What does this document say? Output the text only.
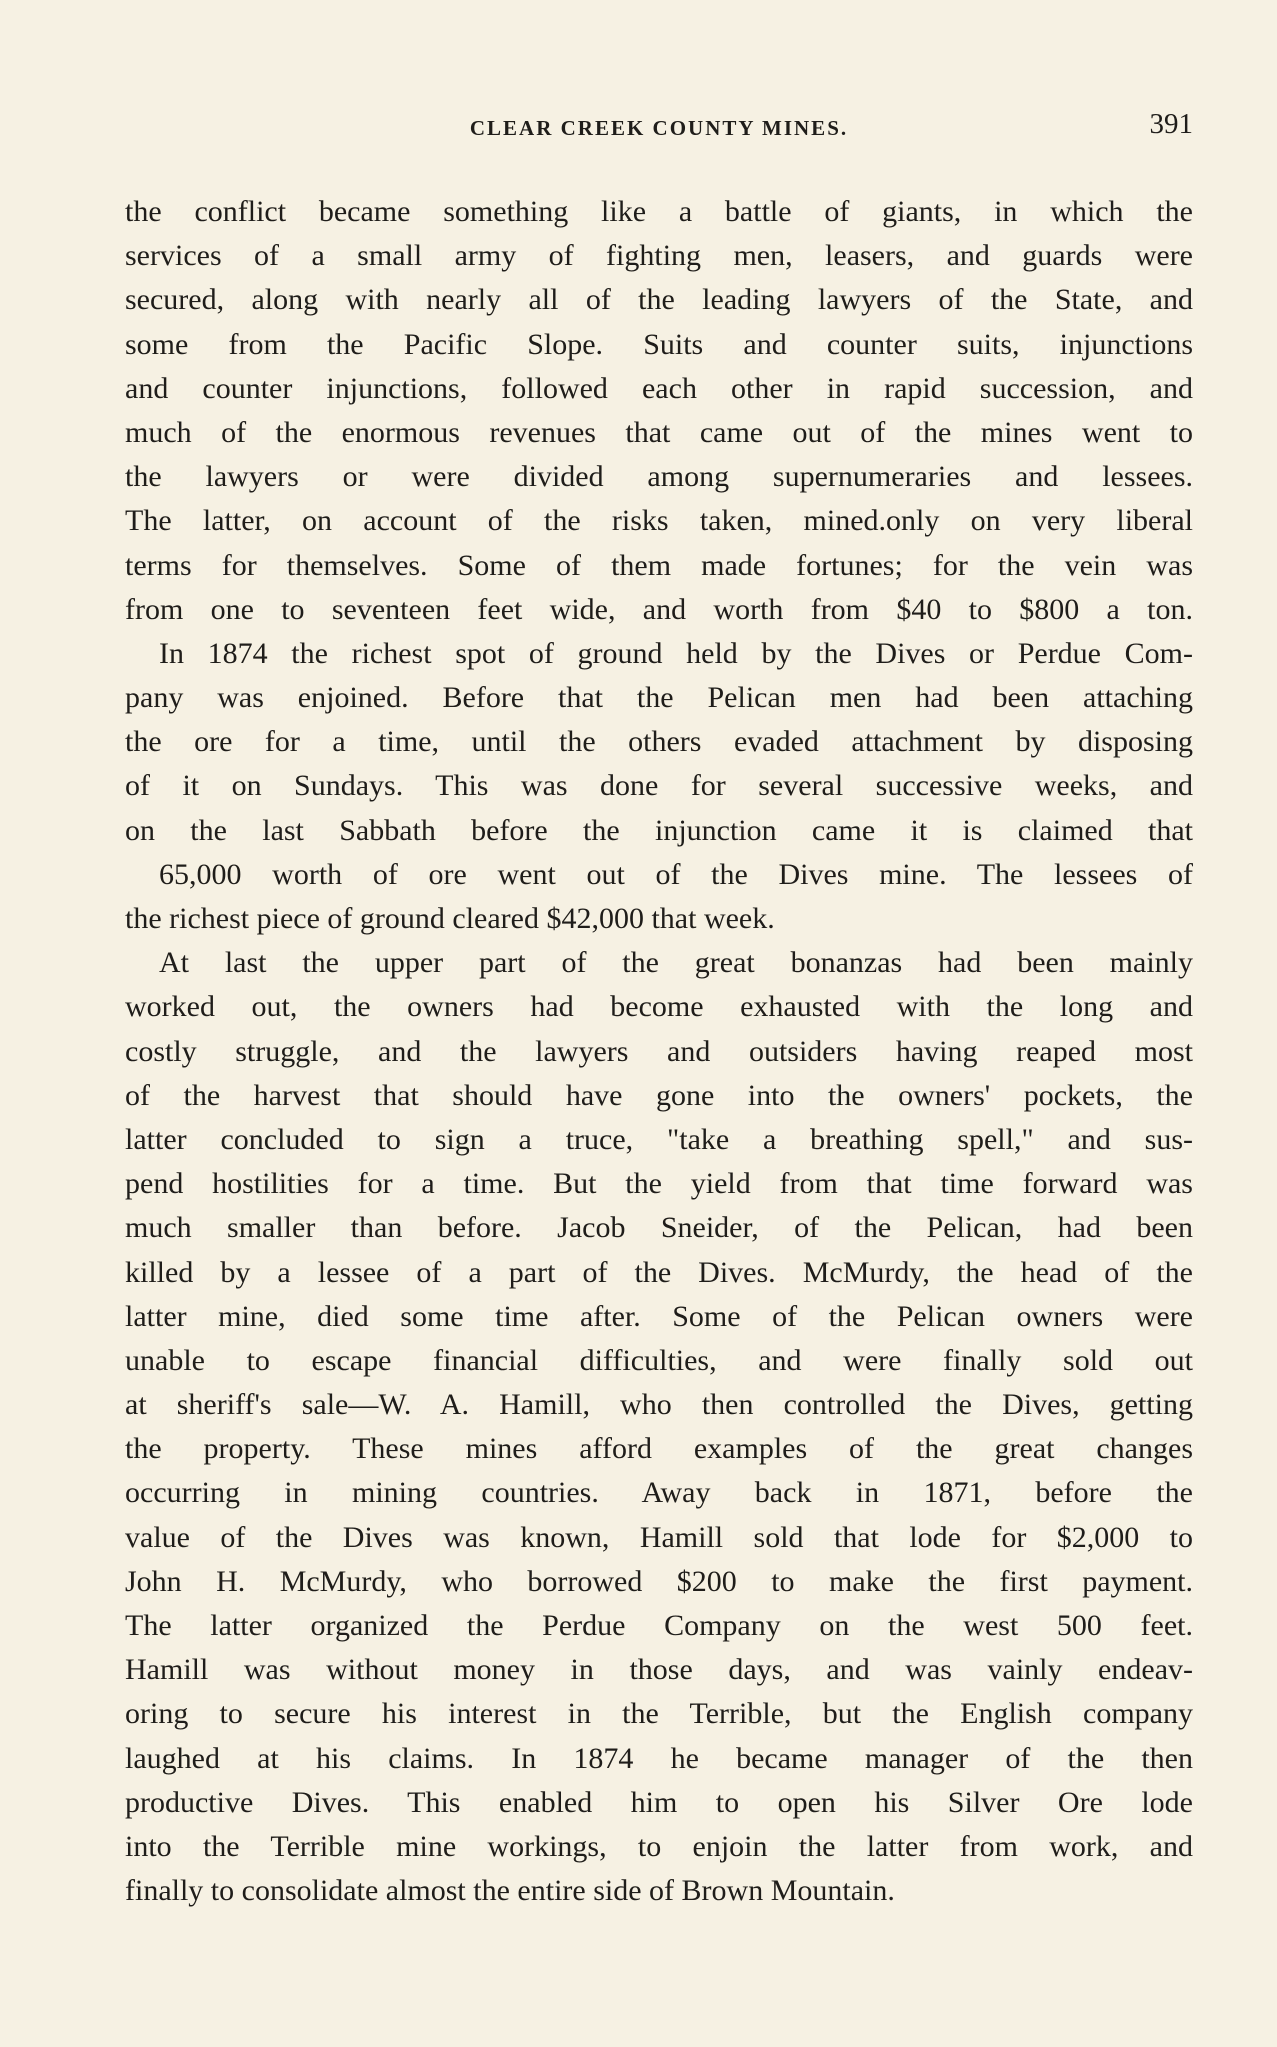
CLEAR CREEK COUNTY MINES.	391
the conflict became something like a battle of giants, in which the
services of a small army of fighting men, leasers, and guards were
secured, along with nearly all of the leading lawyers of the State, and
some from the Pacific Slope. Suits and counter suits, injunctions
and counter injunctions, followed each other in rapid succession, and
much of the enormous revenues that came out of the mines went to
the lawyers or were divided among supernumeraries and lessees.
The latter, on account of the risks taken, mined.only on very liberal
terms for themselves. Some of them made fortunes; for the vein was
from one to seventeen feet wide, and worth from $40 to $800 a ton.
In 1874 the richest spot of ground held by the Dives or Perdue Com-
pany was enjoined. Before that the Pelican men had been attaching
the ore for a time, until the others evaded attachment by disposing
of it on Sundays. This was done for several successive weeks, and
on the last Sabbath before the injunction came it is claimed that
65,000 worth of ore went out of the Dives mine. The lessees of
the richest piece of ground cleared $42,000 that week.
At last the upper part of the great bonanzas had been mainly
worked out, the owners had become exhausted with the long and
costly struggle, and the lawyers and outsiders having reaped most
of the harvest that should have gone into the owners' pockets, the
latter concluded to sign a truce, "take a breathing spell," and sus-
pend hostilities for a time. But the yield from that time forward was
much smaller than before. Jacob Sneider, of the Pelican, had been
killed by a lessee of a part of the Dives. McMurdy, the head of the
latter mine, died some time after. Some of the Pelican owners were
unable to escape financial difficulties, and were finally sold out
at sheriff's sale—W. A. Hamill, who then controlled the Dives, getting
the property. These mines afford examples of the great changes
occurring in mining countries. Away back in 1871, before the
value of the Dives was known, Hamill sold that lode for $2,000 to
John H. McMurdy, who borrowed $200 to make the first payment.
The latter organized the Perdue Company on the west 500 feet.
Hamill was without money in those days, and was vainly endeav-
oring to secure his interest in the Terrible, but the English company
laughed at his claims. In 1874 he became manager of the then
productive Dives. This enabled him to open his Silver Ore lode
into the Terrible mine workings, to enjoin the latter from work, and
finally to consolidate almost the entire side of Brown Mountain.
